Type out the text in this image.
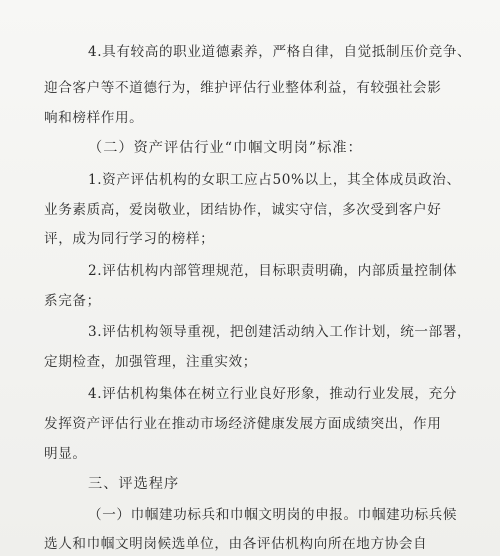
4.具有较高的职业道德素养，严格自律，自觉抵制压价竞争、
迎合客户等不道德行为，维护评估行业整体利益，有较强社会影
响和榜样作用。
（二）资产评估行业“巾帼文明岗”标准：
1.资产评估机构的女职工应占50%以上，其全体成员政治、
业务素质高，爱岗敬业，团结协作，诚实守信，多次受到客户好
评，成为同行学习的榜样；
2.评估机构内部管理规范，目标职责明确，内部质量控制体
系完备；
3.评估机构领导重视，把创建活动纳入工作计划，统一部署，
定期检查，加强管理，注重实效；
4.评估机构集体在树立行业良好形象，推动行业发展，充分
发挥资产评估行业在推动市场经济健康发展方面成绩突出，作用
明显。
三、评选程序
（一）巾帼建功标兵和巾帼文明岗的申报。巾帼建功标兵候
选人和巾帼文明岗候选单位，由各评估机构向所在地方协会自
